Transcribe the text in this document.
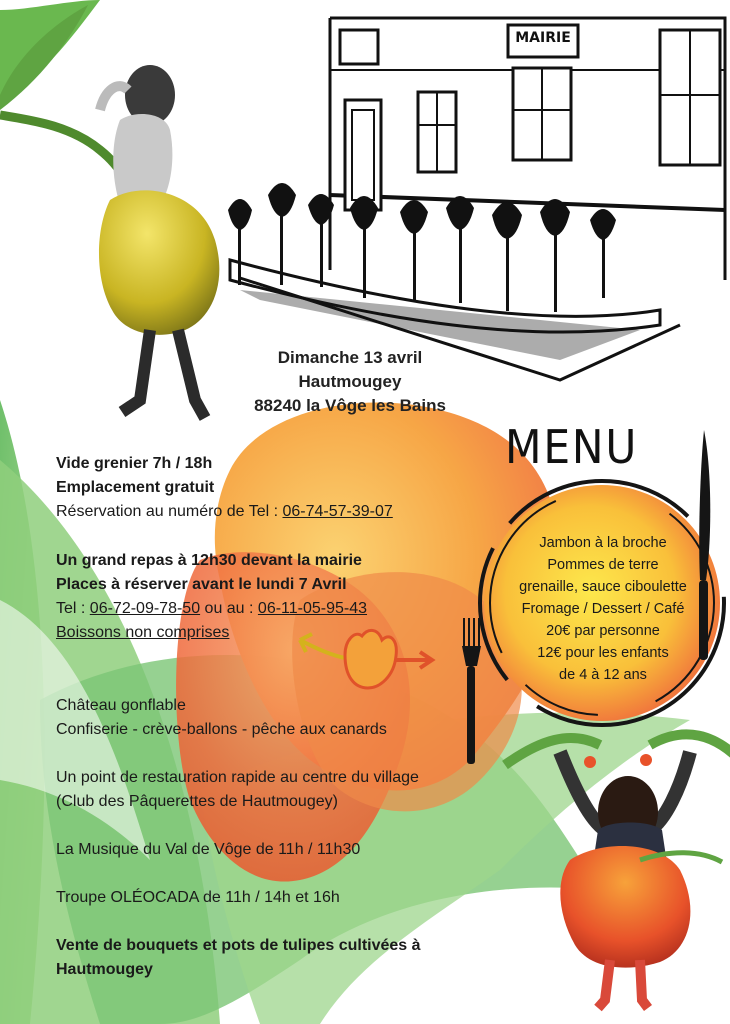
MAIRIE
Dimanche 13 avril
Hautmougey
88240 la Vôge les Bains
Vide grenier 7h / 18h
Emplacement gratuit
Réservation au numéro de Tel : 06-74-57-39-07
Un grand repas à 12h30 devant la mairie
Places à réserver avant le lundi 7 Avril
Tel : 06-72-09-78-50 ou au : 06-11-05-95-43
Boissons non comprises
Château gonflable
Confiserie - crève-ballons - pêche aux canards
Un point de restauration rapide au centre du village
(Club des Pâquerettes de Hautmougey)
La Musique du Val de Vôge de 11h / 11h30
Troupe OLÉOCADA de 11h / 14h et 16h
Vente de bouquets et pots de tulipes cultivées à
Hautmougey
MENU
Jambon à la broche
Pommes de terre
grenaille, sauce ciboulette
Fromage / Dessert / Café
20€ par personne
12€ pour les enfants
de 4 à 12 ans
